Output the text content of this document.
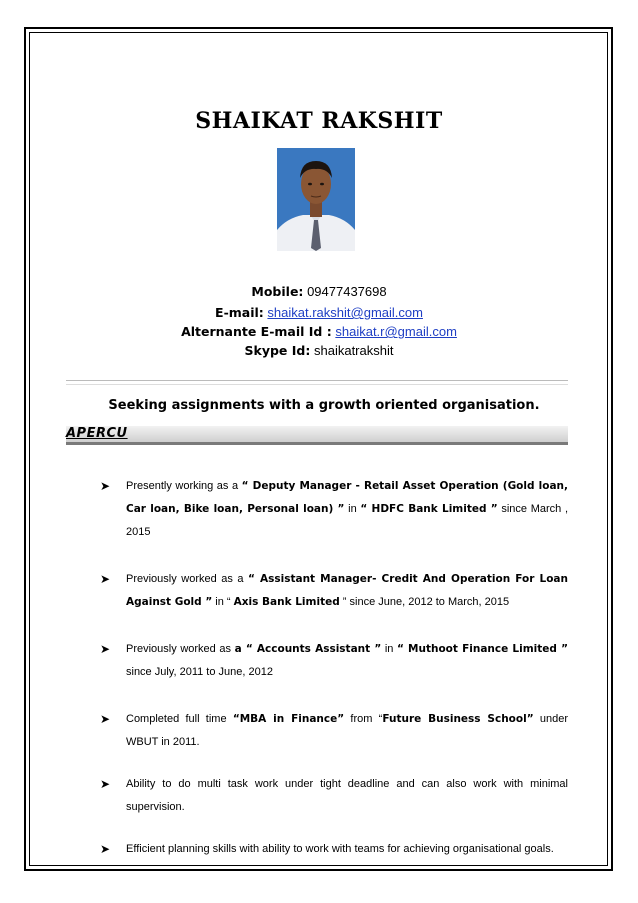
SHAIKAT RAKSHIT
Mobile: 09477437698
E-mail: shaikat.rakshit@gmail.com
Alternante E-mail Id : shaikat.r@gmail.com
Skype Id: shaikatrakshit
Seeking assignments with a growth oriented organisation.
APERCU
➤ Presently working as a “ Deputy Manager - Retail Asset Operation (Gold loan, Car loan, Bike loan, Personal loan) ” in “ HDFC Bank Limited ” since March , 2015
➤ Previously worked as a “ Assistant Manager- Credit And Operation For Loan Against Gold ” in “ Axis Bank Limited ” since June, 2012 to March, 2015
➤ Previously worked as a “ Accounts Assistant ” in “ Muthoot Finance Limited ” since July, 2011 to June, 2012
➤ Completed full time “MBA in Finance” from “Future Business School” under WBUT in 2011.
➤ Ability to do multi task work under tight deadline and can also work with minimal supervision.
➤ Efficient planning skills with ability to work with teams for achieving organisational goals.
